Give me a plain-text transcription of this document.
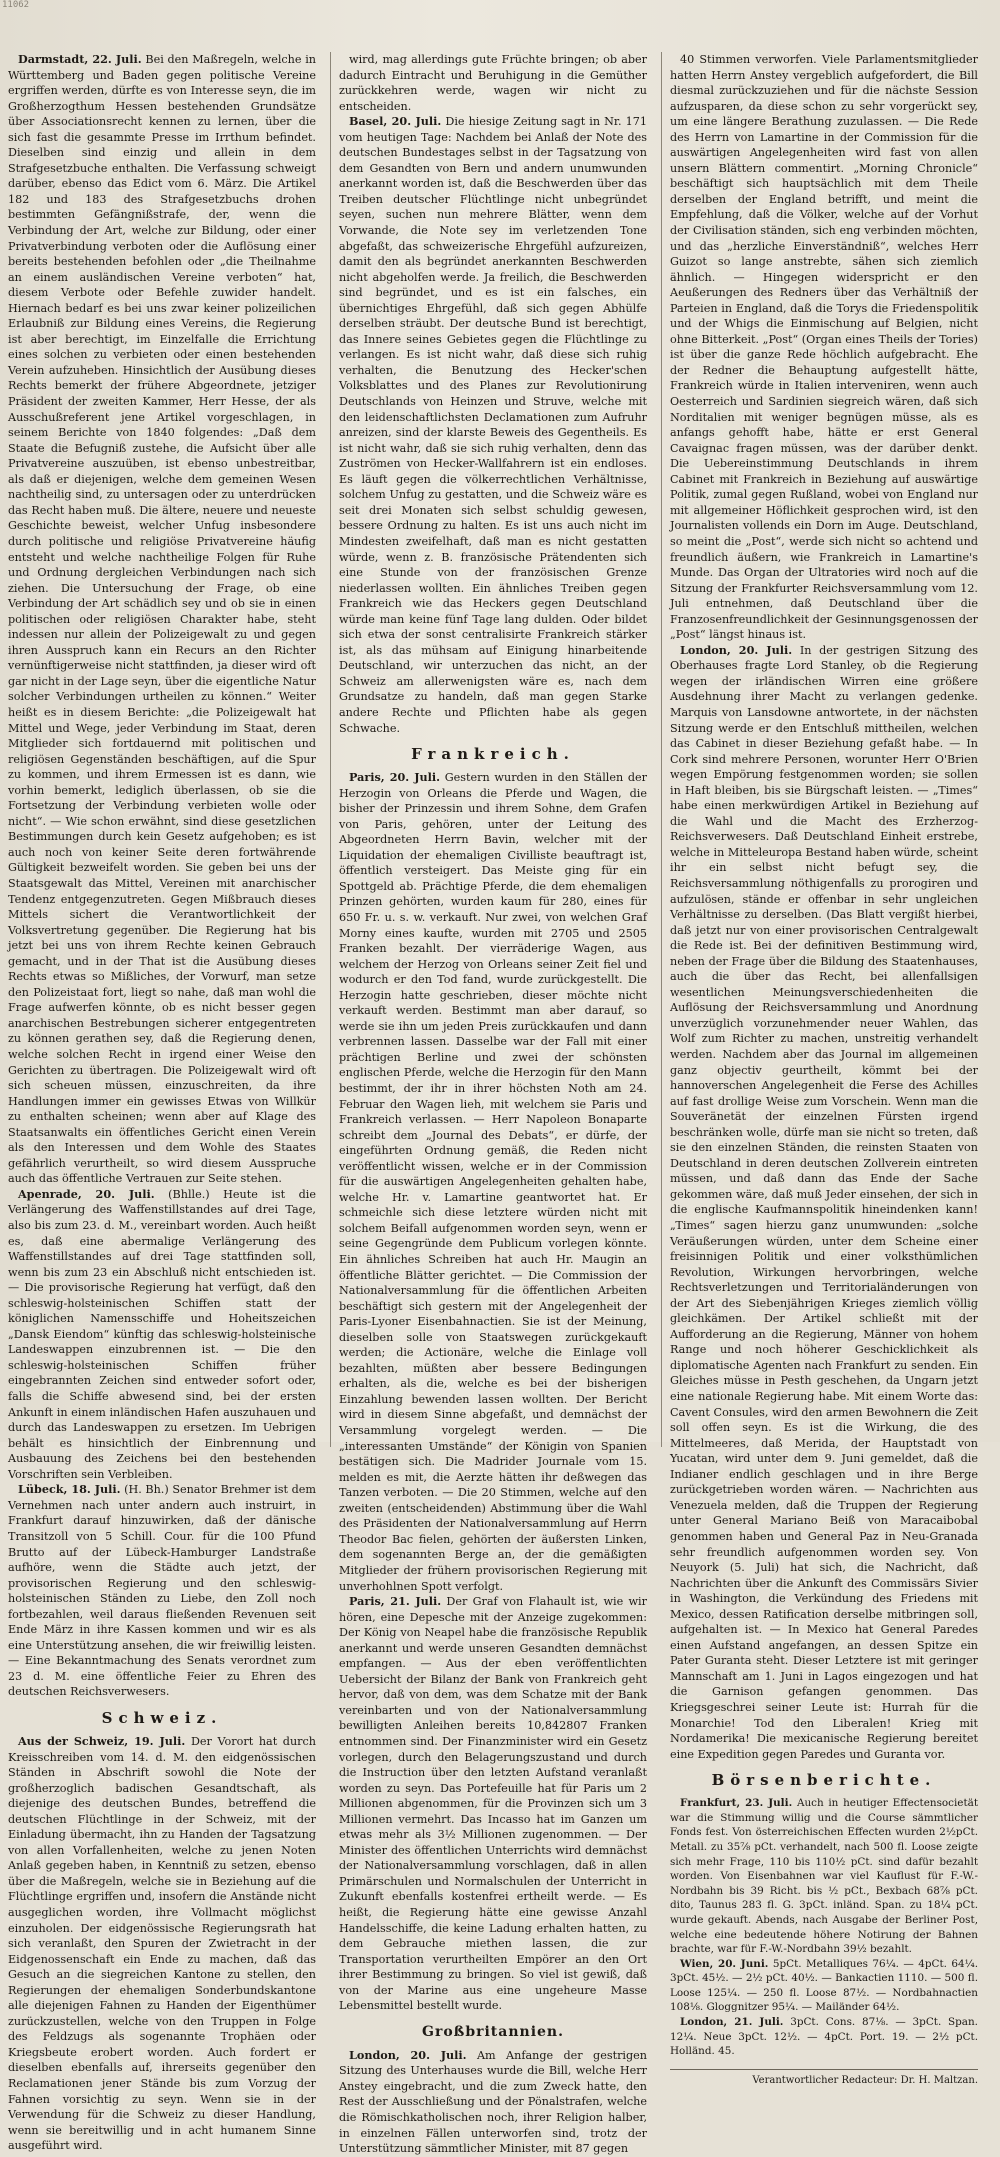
11062

Darmstadt, 22. Juli. Bei den Maßregeln, welche in Württemberg und Baden gegen politische Vereine ergriffen werden, dürfte es von Interesse seyn, die im Großherzogthum Hessen bestehenden Grundsätze über Associationsrecht kennen zu lernen, über die sich fast die gesammte Presse im Irrthum befindet. Dieselben sind einzig und allein in dem Strafgesetzbuche enthalten. Die Verfassung schweigt darüber, ebenso das Edict vom 6. März. Die Artikel 182 und 183 des Strafgesetzbuchs drohen bestimmten Gefängnißstrafe, der, wenn die Verbindung der Art, welche zur Bildung, oder einer Privatverbindung verboten oder die Auflösung einer bereits bestehenden befohlen oder „die Theilnahme an einem ausländischen Vereine verboten“ hat, diesem Verbote oder Befehle zuwider handelt. Hiernach bedarf es bei uns zwar keiner polizeilichen Erlaubniß zur Bildung eines Vereins, die Regierung ist aber berechtigt, im Einzelfalle die Errichtung eines solchen zu verbieten oder einen bestehenden Verein aufzuheben. Hinsichtlich der Ausübung dieses Rechts bemerkt der frühere Abgeordnete, jetziger Präsident der zweiten Kammer, Herr Hesse, der als Ausschußreferent jene Artikel vorgeschlagen, in seinem Berichte von 1840 folgendes: „Daß dem Staate die Befugniß zustehe, die Aufsicht über alle Privatvereine auszuüben, ist ebenso unbestreitbar, als daß er diejenigen, welche dem gemeinen Wesen nachtheilig sind, zu untersagen oder zu unterdrücken das Recht haben muß. Die ältere, neuere und neueste Geschichte beweist, welcher Unfug insbesondere durch politische und religiöse Privatvereine häufig entsteht und welche nachtheilige Folgen für Ruhe und Ordnung dergleichen Verbindungen nach sich ziehen. Die Untersuchung der Frage, ob eine Verbindung der Art schädlich sey und ob sie in einen politischen oder religiösen Charakter habe, steht indessen nur allein der Polizeigewalt zu und gegen ihren Ausspruch kann ein Recurs an den Richter vernünftigerweise nicht stattfinden, ja dieser wird oft gar nicht in der Lage seyn, über die eigentliche Natur solcher Verbindungen urtheilen zu können.“ Weiter heißt es in diesem Berichte: „die Polizeigewalt hat Mittel und Wege, jeder Verbindung im Staat, deren Mitglieder sich fortdauernd mit politischen und religiösen Gegenständen beschäftigen, auf die Spur zu kommen, und ihrem Ermessen ist es dann, wie vorhin bemerkt, lediglich überlassen, ob sie die Fortsetzung der Verbindung verbieten wolle oder nicht“. — Wie schon erwähnt, sind diese gesetzlichen Bestimmungen durch kein Gesetz aufgehoben; es ist auch noch von keiner Seite deren fortwährende Gültigkeit bezweifelt worden. Sie geben bei uns der Staatsgewalt das Mittel, Vereinen mit anarchischer Tendenz entgegenzutreten. Gegen Mißbrauch dieses Mittels sichert die Verantwortlichkeit der Volksvertretung gegenüber. Die Regierung hat bis jetzt bei uns von ihrem Rechte keinen Gebrauch gemacht, und in der That ist die Ausübung dieses Rechts etwas so Mißliches, der Vorwurf, man setze den Polizeistaat fort, liegt so nahe, daß man wohl die Frage aufwerfen könnte, ob es nicht besser gegen anarchischen Bestrebungen sicherer entgegentreten zu können gerathen sey, daß die Regierung denen, welche solchen Recht in irgend einer Weise den Gerichten zu übertragen. Die Polizeigewalt wird oft sich scheuen müssen, einzuschreiten, da ihre Handlungen immer ein gewisses Etwas von Willkür zu enthalten scheinen; wenn aber auf Klage des Staatsanwalts ein öffentliches Gericht einen Verein als den Interessen und dem Wohle des Staates gefährlich verurtheilt, so wird diesem Ausspruche auch das öffentliche Vertrauen zur Seite stehen.

Apenrade, 20. Juli. (Bhlle.) Heute ist die Verlängerung des Waffenstillstandes auf drei Tage, also bis zum 23. d. M., vereinbart worden. Auch heißt es, daß eine abermalige Verlängerung des Waffenstillstandes auf drei Tage stattfinden soll, wenn bis zum 23 ein Abschluß nicht entschieden ist. — Die provisorische Regierung hat verfügt, daß den schleswig-holsteinischen Schiffen statt der königlichen Namensschiffe und Hoheitszeichen „Dansk Eiendom“ künftig das schleswig-holsteinische Landeswappen einzubrennen ist. — Die den schleswig-holsteinischen Schiffen früher eingebrannten Zeichen sind entweder sofort oder, falls die Schiffe abwesend sind, bei der ersten Ankunft in einem inländischen Hafen auszuhauen und durch das Landeswappen zu ersetzen. Im Uebrigen behält es hinsichtlich der Einbrennung und Ausbauung des Zeichens bei den bestehenden Vorschriften sein Verbleiben.

Lübeck, 18. Juli. (H. Bh.) Senator Brehmer ist dem Vernehmen nach unter andern auch instruirt, in Frankfurt darauf hinzuwirken, daß der dänische Transitzoll von 5 Schill. Cour. für die 100 Pfund Brutto auf der Lübeck-Hamburger Landstraße aufhöre, wenn die Städte auch jetzt, der provisorischen Regierung und den schleswig-holsteinischen Ständen zu Liebe, den Zoll noch fortbezahlen, weil daraus fließenden Revenuen seit Ende März in ihre Kassen kommen und wir es als eine Unterstützung ansehen, die wir freiwillig leisten. — Eine Bekanntmachung des Senats verordnet zum 23 d. M. eine öffentliche Feier zu Ehren des deutschen Reichsverwesers.

Schweiz.

Aus der Schweiz, 19. Juli. Der Vorort hat durch Kreisschreiben vom 14. d. M. den eidgenössischen Ständen in Abschrift sowohl die Note der großherzoglich badischen Gesandtschaft, als diejenige des deutschen Bundes, betreffend die deutschen Flüchtlinge in der Schweiz, mit der Einladung übermacht, ihn zu Handen der Tagsatzung von allen Vorfallenheiten, welche zu jenen Noten Anlaß gegeben haben, in Kenntniß zu setzen, ebenso über die Maßregeln, welche sie in Beziehung auf die Flüchtlinge ergriffen und, insofern die Anstände nicht ausgeglichen worden, ihre Vollmacht möglichst einzuholen. Der eidgenössische Regierungsrath hat sich veranlaßt, den Spuren der Zwietracht in der Eidgenossenschaft ein Ende zu machen, daß das Gesuch an die siegreichen Kantone zu stellen, den Regierungen der ehemaligen Sonderbundskantone alle diejenigen Fahnen zu Handen der Eigenthümer zurückzustellen, welche von den Truppen in Folge des Feldzugs als sogenannte Trophäen oder Kriegsbeute erobert worden. Auch fordert er dieselben ebenfalls auf, ihrerseits gegenüber den Reclamationen jener Stände bis zum Vorzug der Fahnen vorsichtig zu seyn. Wenn sie in der Verwendung für die Schweiz zu dieser Handlung, wenn sie bereitwillig und in acht humanem Sinne ausgeführt wird.

wird, mag allerdings gute Früchte bringen; ob aber dadurch Eintracht und Beruhigung in die Gemüther zurückkehren werde, wagen wir nicht zu entscheiden.

Basel, 20. Juli. Die hiesige Zeitung sagt in Nr. 171 vom heutigen Tage: Nachdem bei Anlaß der Note des deutschen Bundestages selbst in der Tagsatzung von dem Gesandten von Bern und andern unumwunden anerkannt worden ist, daß die Beschwerden über das Treiben deutscher Flüchtlinge nicht unbegründet seyen, suchen nun mehrere Blätter, wenn dem Vorwande, die Note sey im verletzenden Tone abgefaßt, das schweizerische Ehrgefühl aufzureizen, damit den als begründet anerkannten Beschwerden nicht abgeholfen werde. Ja freilich, die Beschwerden sind begründet, und es ist ein falsches, ein übernichtiges Ehrgefühl, daß sich gegen Abhülfe derselben sträubt. Der deutsche Bund ist berechtigt, das Innere seines Gebietes gegen die Flüchtlinge zu verlangen. Es ist nicht wahr, daß diese sich ruhig verhalten, die Benutzung des Hecker'schen Volksblattes und des Planes zur Revolutionirung Deutschlands von Heinzen und Struve, welche mit den leidenschaftlichsten Declamationen zum Aufruhr anreizen, sind der klarste Beweis des Gegentheils. Es ist nicht wahr, daß sie sich ruhig verhalten, denn das Zuströmen von Hecker-Wallfahrern ist ein endloses. Es läuft gegen die völkerrechtlichen Verhältnisse, solchem Unfug zu gestatten, und die Schweiz wäre es seit drei Monaten sich selbst schuldig gewesen, bessere Ordnung zu halten. Es ist uns auch nicht im Mindesten zweifelhaft, daß man es nicht gestatten würde, wenn z. B. französische Prätendenten sich eine Stunde von der französischen Grenze niederlassen wollten. Ein ähnliches Treiben gegen Frankreich wie das Heckers gegen Deutschland würde man keine fünf Tage lang dulden. Oder bildet sich etwa der sonst centralisirte Frankreich stärker ist, als das mühsam auf Einigung hinarbeitende Deutschland, wir unterzuchen das nicht, an der Schweiz am allerwenigsten wäre es, nach dem Grundsatze zu handeln, daß man gegen Starke andere Rechte und Pflichten habe als gegen Schwache.

Frankreich.

Paris, 20. Juli. Gestern wurden in den Ställen der Herzogin von Orleans die Pferde und Wagen, die bisher der Prinzessin und ihrem Sohne, dem Grafen von Paris, gehören, unter der Leitung des Abgeordneten Herrn Bavin, welcher mit der Liquidation der ehemaligen Civilliste beauftragt ist, öffentlich versteigert. Das Meiste ging für ein Spottgeld ab. Prächtige Pferde, die dem ehemaligen Prinzen gehörten, wurden kaum für 280, eines für 650 Fr. u. s. w. verkauft. Nur zwei, von welchen Graf Morny eines kaufte, wurden mit 2705 und 2505 Franken bezahlt. Der vierräderige Wagen, aus welchem der Herzog von Orleans seiner Zeit fiel und wodurch er den Tod fand, wurde zurückgestellt. Die Herzogin hatte geschrieben, dieser möchte nicht verkauft werden. Bestimmt man aber darauf, so werde sie ihn um jeden Preis zurückkaufen und dann verbrennen lassen. Dasselbe war der Fall mit einer prächtigen Berline und zwei der schönsten englischen Pferde, welche die Herzogin für den Mann bestimmt, der ihr in ihrer höchsten Noth am 24. Februar den Wagen lieh, mit welchem sie Paris und Frankreich verlassen. — Herr Napoleon Bonaparte schreibt dem „Journal des Debats“, er dürfe, der eingeführten Ordnung gemäß, die Reden nicht veröffentlicht wissen, welche er in der Commission für die auswärtigen Angelegenheiten gehalten habe, welche Hr. v. Lamartine geantwortet hat. Er schmeichle sich diese letztere würden nicht mit solchem Beifall aufgenommen worden seyn, wenn er seine Gegengründe dem Publicum vorlegen könnte. Ein ähnliches Schreiben hat auch Hr. Maugin an öffentliche Blätter gerichtet. — Die Commission der Nationalversammlung für die öffentlichen Arbeiten beschäftigt sich gestern mit der Angelegenheit der Paris-Lyoner Eisenbahnactien. Sie ist der Meinung, dieselben solle von Staatswegen zurückgekauft werden; die Actionäre, welche die Einlage voll bezahlten, müßten aber bessere Bedingungen erhalten, als die, welche es bei der bisherigen Einzahlung bewenden lassen wollten. Der Bericht wird in diesem Sinne abgefaßt, und demnächst der Versammlung vorgelegt werden. — Die „interessanten Umstände“ der Königin von Spanien bestätigen sich. Die Madrider Journale vom 15. melden es mit, die Aerzte hätten ihr deßwegen das Tanzen verboten. — Die 20 Stimmen, welche auf den zweiten (entscheidenden) Abstimmung über die Wahl des Präsidenten der Nationalversammlung auf Herrn Theodor Bac fielen, gehörten der äußersten Linken, dem sogenannten Berge an, der die gemäßigten Mitglieder der frühern provisorischen Regierung mit unverhohlnen Spott verfolgt.

Paris, 21. Juli. Der Graf von Flahault ist, wie wir hören, eine Depesche mit der Anzeige zugekommen: Der König von Neapel habe die französische Republik anerkannt und werde unseren Gesandten demnächst empfangen. — Aus der eben veröffentlichten Uebersicht der Bilanz der Bank von Frankreich geht hervor, daß von dem, was dem Schatze mit der Bank vereinbarten und von der Nationalversammlung bewilligten Anleihen bereits 10,842807 Franken entnommen sind. Der Finanzminister wird ein Gesetz vorlegen, durch den Belagerungszustand und durch die Instruction über den letzten Aufstand veranlaßt worden zu seyn. Das Portefeuille hat für Paris um 2 Millionen abgenommen, für die Provinzen sich um 3 Millionen vermehrt. Das Incasso hat im Ganzen um etwas mehr als 3½ Millionen zugenommen. — Der Minister des öffentlichen Unterrichts wird demnächst der Nationalversammlung vorschlagen, daß in allen Primärschulen und Normalschulen der Unterricht in Zukunft ebenfalls kostenfrei ertheilt werde. — Es heißt, die Regierung hätte eine gewisse Anzahl Handelsschiffe, die keine Ladung erhalten hatten, zu dem Gebrauche miethen lassen, die zur Transportation verurtheilten Empörer an den Ort ihrer Bestimmung zu bringen. So viel ist gewiß, daß von der Marine aus eine ungeheure Masse Lebensmittel bestellt wurde.

Großbritannien.

London, 20. Juli. Am Anfange der gestrigen Sitzung des Unterhauses wurde die Bill, welche Herr Anstey eingebracht, und die zum Zweck hatte, den Rest der Ausschließung und der Pönalstrafen, welche die Römischkatholischen noch, ihrer Religion halber, in einzelnen Fällen unterworfen sind, trotz der Unterstützung sämmtlicher Minister, mit 87 gegen

40 Stimmen verworfen. Viele Parlamentsmitglieder hatten Herrn Anstey vergeblich aufgefordert, die Bill diesmal zurückzuziehen und für die nächste Session aufzusparen, da diese schon zu sehr vorgerückt sey, um eine längere Berathung zuzulassen. — Die Rede des Herrn von Lamartine in der Commission für die auswärtigen Angelegenheiten wird fast von allen unsern Blättern commentirt. „Morning Chronicle“ beschäftigt sich hauptsächlich mit dem Theile derselben der England betrifft, und meint die Empfehlung, daß die Völker, welche auf der Vorhut der Civilisation ständen, sich eng verbinden möchten, und das „herzliche Einverständniß“, welches Herr Guizot so lange anstrebte, sähen sich ziemlich ähnlich. — Hingegen widerspricht er den Aeußerungen des Redners über das Verhältniß der Parteien in England, daß die Torys die Friedenspolitik und der Whigs die Einmischung auf Belgien, nicht ohne Bitterkeit. „Post“ (Organ eines Theils der Tories) ist über die ganze Rede höchlich aufgebracht. Ehe der Redner die Behauptung aufgestellt hätte, Frankreich würde in Italien interveniren, wenn auch Oesterreich und Sardinien siegreich wären, daß sich Norditalien mit weniger begnügen müsse, als es anfangs gehofft habe, hätte er erst General Cavaignac fragen müssen, was der darüber denkt. Die Uebereinstimmung Deutschlands in ihrem Cabinet mit Frankreich in Beziehung auf auswärtige Politik, zumal gegen Rußland, wobei von England nur mit allgemeiner Höflichkeit gesprochen wird, ist den Journalisten vollends ein Dorn im Auge. Deutschland, so meint die „Post“, werde sich nicht so achtend und freundlich äußern, wie Frankreich in Lamartine's Munde. Das Organ der Ultratories wird noch auf die Sitzung der Frankfurter Reichsversammlung vom 12. Juli entnehmen, daß Deutschland über die Franzosenfreundlichkeit der Gesinnungsgenossen der „Post“ längst hinaus ist.

London, 20. Juli. In der gestrigen Sitzung des Oberhauses fragte Lord Stanley, ob die Regierung wegen der irländischen Wirren eine größere Ausdehnung ihrer Macht zu verlangen gedenke. Marquis von Lansdowne antwortete, in der nächsten Sitzung werde er den Entschluß mittheilen, welchen das Cabinet in dieser Beziehung gefaßt habe. — In Cork sind mehrere Personen, worunter Herr O'Brien wegen Empörung festgenommen worden; sie sollen in Haft bleiben, bis sie Bürgschaft leisten. — „Times“ habe einen merkwürdigen Artikel in Beziehung auf die Wahl und die Macht des Erzherzog-Reichsverwesers. Daß Deutschland Einheit erstrebe, welche in Mitteleuropa Bestand haben würde, scheint ihr ein selbst nicht befugt sey, die Reichsversammlung nöthigenfalls zu prorogiren und aufzulösen, stände er offenbar in sehr ungleichen Verhältnisse zu derselben. (Das Blatt vergißt hierbei, daß jetzt nur von einer provisorischen Centralgewalt die Rede ist. Bei der definitiven Bestimmung wird, neben der Frage über die Bildung des Staatenhauses, auch die über das Recht, bei allenfallsigen wesentlichen Meinungsverschiedenheiten die Auflösung der Reichsversammlung und Anordnung unverzüglich vorzunehmender neuer Wahlen, das Wolf zum Richter zu machen, unstreitig verhandelt werden. Nachdem aber das Journal im allgemeinen ganz objectiv geurtheilt, kömmt bei der hannoverschen Angelegenheit die Ferse des Achilles auf fast drollige Weise zum Vorschein. Wenn man die Souveränetät der einzelnen Fürsten irgend beschränken wolle, dürfe man sie nicht so treten, daß sie den einzelnen Ständen, die reinsten Staaten von Deutschland in deren deutschen Zollverein eintreten müssen, und daß dann das Ende der Sache gekommen wäre, daß muß Jeder einsehen, der sich in die englische Kaufmannspolitik hineindenken kann! „Times“ sagen hierzu ganz unumwunden: „solche Veräußerungen würden, unter dem Scheine einer freisinnigen Politik und einer volksthümlichen Revolution, Wirkungen hervorbringen, welche Rechtsverletzungen und Territorialänderungen von der Art des Siebenjährigen Krieges ziemlich völlig gleichkämen. Der Artikel schließt mit der Aufforderung an die Regierung, Männer von hohem Range und noch höherer Geschicklichkeit als diplomatische Agenten nach Frankfurt zu senden. Ein Gleiches müsse in Pesth geschehen, da Ungarn jetzt eine nationale Regierung habe. Mit einem Worte das: Cavent Consules, wird den armen Bewohnern die Zeit soll offen seyn. Es ist die Wirkung, die des Mittelmeeres, daß Merida, der Hauptstadt von Yucatan, wird unter dem 9. Juni gemeldet, daß die Indianer endlich geschlagen und in ihre Berge zurückgetrieben worden wären. — Nachrichten aus Venezuela melden, daß die Truppen der Regierung unter General Mariano Beiß von Maracaibobal genommen haben und General Paz in Neu-Granada sehr freundlich aufgenommen worden sey. Von Neuyork (5. Juli) hat sich, die Nachricht, daß Nachrichten über die Ankunft des Commissärs Sivier in Washington, die Verkündung des Friedens mit Mexico, dessen Ratification derselbe mitbringen soll, aufgehalten ist. — In Mexico hat General Paredes einen Aufstand angefangen, an dessen Spitze ein Pater Guranta steht. Dieser Letztere ist mit geringer Mannschaft am 1. Juni in Lagos eingezogen und hat die Garnison gefangen genommen. Das Kriegsgeschrei seiner Leute ist: Hurrah für die Monarchie! Tod den Liberalen! Krieg mit Nordamerika! Die mexicanische Regierung bereitet eine Expedition gegen Paredes und Guranta vor.

Börsenberichte.

Frankfurt, 23. Juli. Auch in heutiger Effectensocietät war die Stimmung willig und die Course sämmtlicher Fonds fest. Von österreichischen Effecten wurden 2½pCt. Metall. zu 35⅞ pCt. verhandelt, nach 500 fl. Loose zeigte sich mehr Frage, 110 bis 110½ pCt. sind dafür bezahlt worden. Von Eisenbahnen war viel Kauflust für F.-W.-Nordbahn bis 39 Richt. bis ½ pCt., Bexbach 68⅞ pCt. dito, Taunus 283 fl. G. 3pCt. inländ. Span. zu 18¼ pCt. wurde gekauft. Abends, nach Ausgabe der Berliner Post, welche eine bedeutende höhere Notirung der Bahnen brachte, war für F.-W.-Nordbahn 39½ bezahlt.

Wien, 20. Juni. 5pCt. Metalliques 76¼. — 4pCt. 64¼. 3pCt. 45½. — 2½ pCt. 40½. — Bankactien 1110. — 500 fl. Loose 125¼. — 250 fl. Loose 87½. — Nordbahnactien 108⅛. Gloggnitzer 95¼. — Mailänder 64½.

London, 21. Juli. 3pCt. Cons. 87⅛. — 3pCt. Span. 12¼. Neue 3pCt. 12½. — 4pCt. Port. 19. — 2½ pCt. Holländ. 45.

Verantwortlicher Redacteur: Dr. H. Maltzan.
